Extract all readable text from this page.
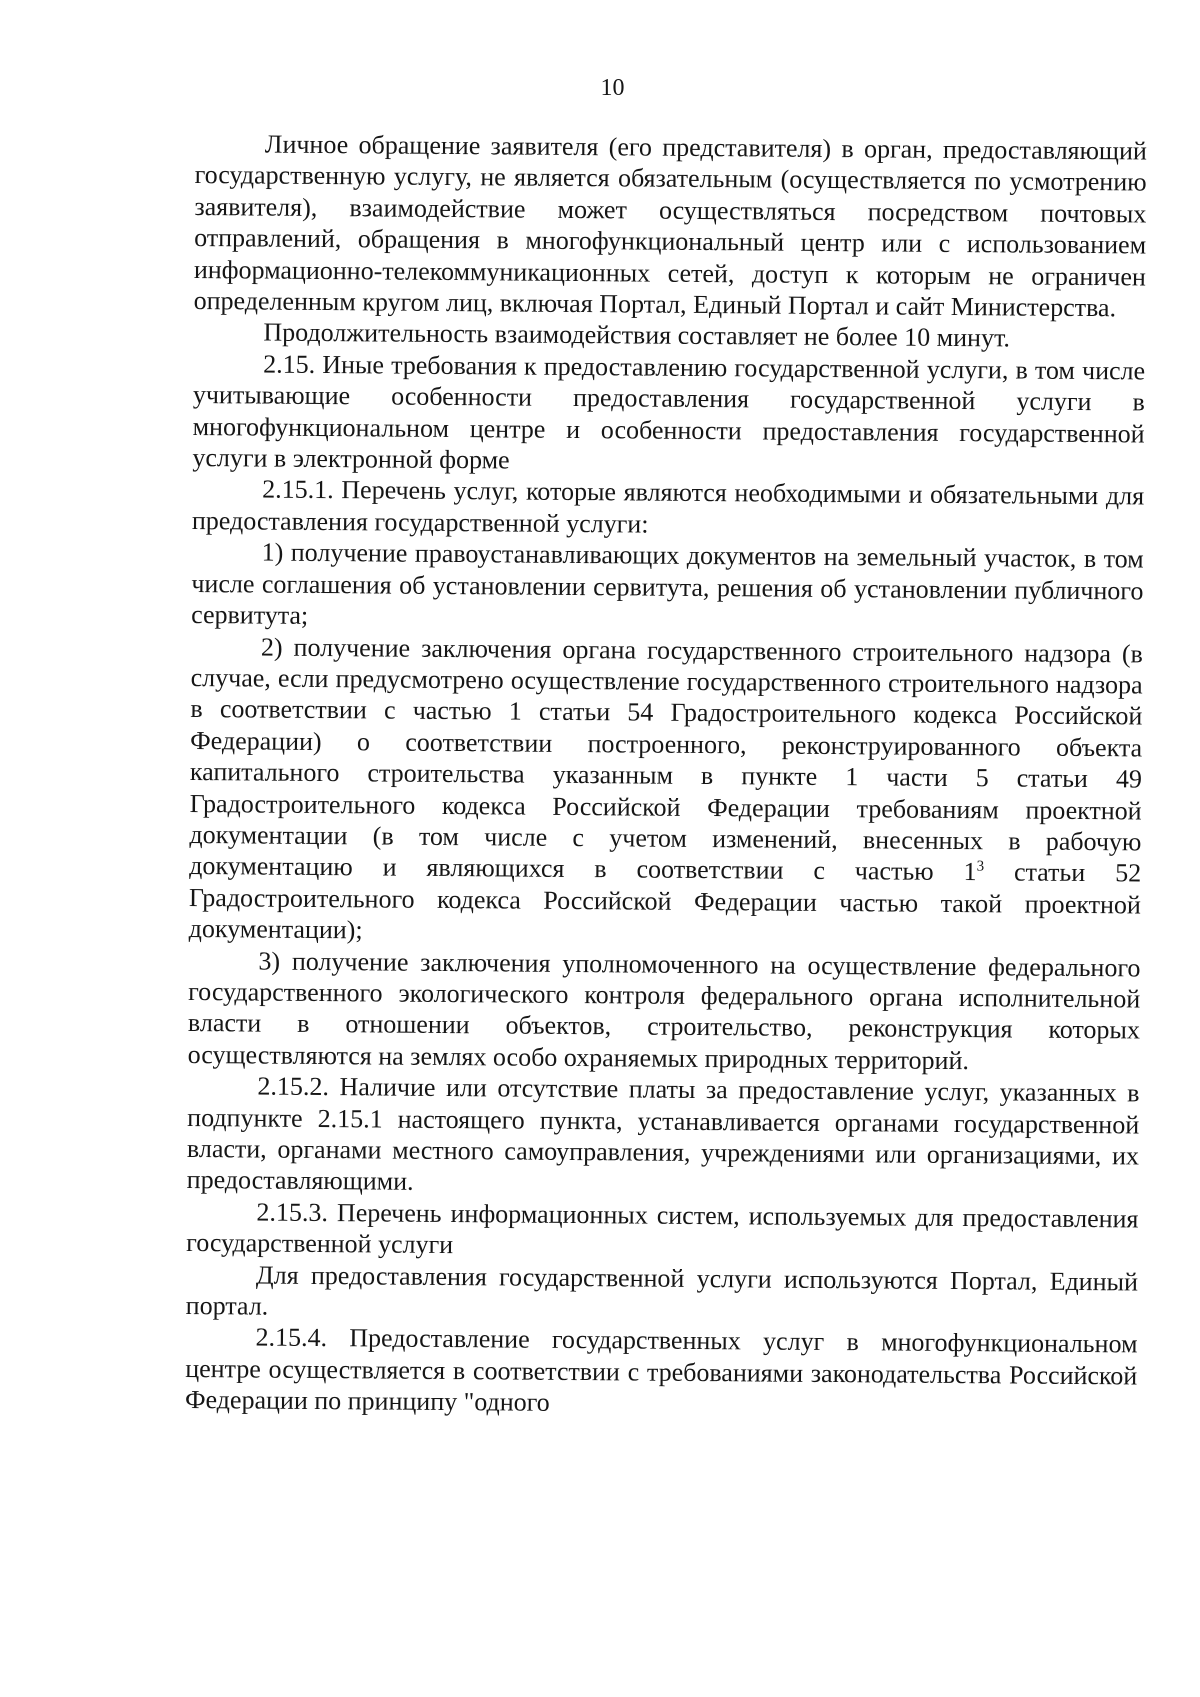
10

Личное обращение заявителя (его представителя) в орган, предоставляющий государственную услугу, не является обязательным (осуществляется по усмотрению заявителя), взаимодействие может осуществляться посредством почтовых отправлений, обращения в многофункциональный центр или с использованием информационно-телекоммуникационных сетей, доступ к которым не ограничен определенным кругом лиц, включая Портал, Единый Портал и сайт Министерства.

Продолжительность взаимодействия составляет не более 10 минут.

2.15. Иные требования к предоставлению государственной услуги, в том числе учитывающие особенности предоставления государственной услуги в многофункциональном центре и особенности предоставления государственной услуги в электронной форме

2.15.1. Перечень услуг, которые являются необходимыми и обязательными для предоставления государственной услуги:

1) получение правоустанавливающих документов на земельный участок, в том числе соглашения об установлении сервитута, решения об установлении публичного сервитута;

2) получение заключения органа государственного строительного надзора (в случае, если предусмотрено осуществление государственного строительного надзора в соответствии с частью 1 статьи 54 Градостроительного кодекса Российской Федерации) о соответствии построенного, реконструированного объекта капитального строительства указанным в пункте 1 части 5 статьи 49 Градостроительного кодекса Российской Федерации требованиям проектной документации (в том числе с учетом изменений, внесенных в рабочую документацию и являющихся в соответствии с частью $1^3$ статьи 52 Градостроительного кодекса Российской Федерации частью такой проектной документации);

3) получение заключения уполномоченного на осуществление федерального государственного экологического контроля федерального органа исполнительной власти в отношении объектов, строительство, реконструкция которых осуществляются на землях особо охраняемых природных территорий.

2.15.2. Наличие или отсутствие платы за предоставление услуг, указанных в подпункте 2.15.1 настоящего пункта, устанавливается органами государственной власти, органами местного самоуправления, учреждениями или организациями, их предоставляющими.

2.15.3. Перечень информационных систем, используемых для предоставления государственной услуги

Для предоставления государственной услуги используются Портал, Единый портал.

2.15.4. Предоставление государственных услуг в многофункциональном центре осуществляется в соответствии с требованиями законодательства Российской Федерации по принципу "одного
